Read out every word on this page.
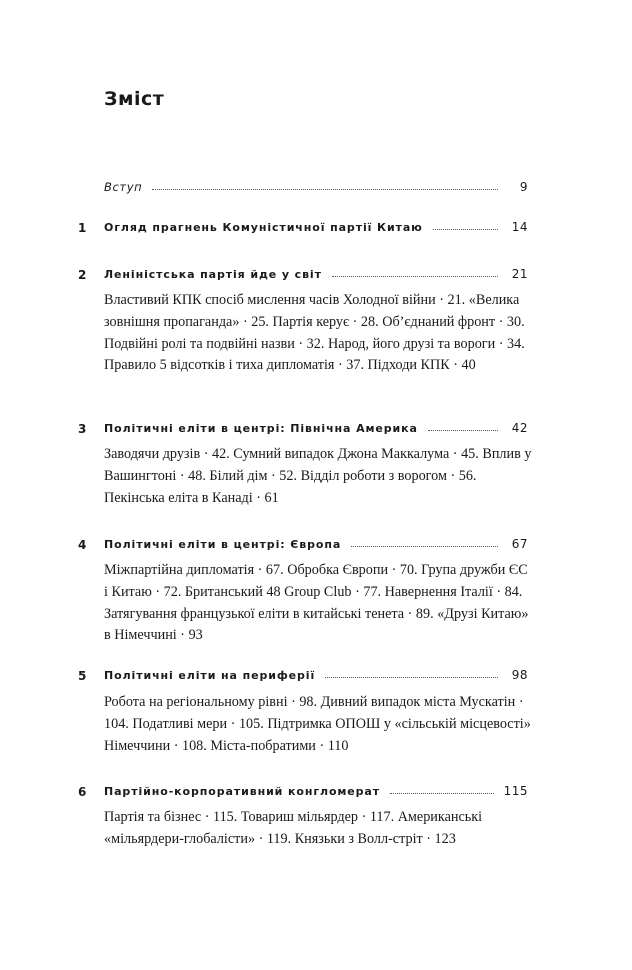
Зміст
Вступ	9
1 Огляд прагнень Комуністичної партії Китаю	14
2 Леніністська партія йде у світ	21

Властивий КПК спосіб мислення часів Холодної війни · 21. «Велика зовнішня пропаганда» · 25. Партія керує · 28. Об’єднаний фронт · 30. Подвійні ролі та подвійні назви · 32. Народ, його друзі та вороги · 34. Правило 5 відсотків і тиха дипломатія · 37. Підходи КПК · 40

3 Політичні еліти в центрі: Північна Америка	42

Заводячи друзів · 42. Сумний випадок Джона Маккалума · 45. Вплив у Вашингтоні · 48. Білий дім · 52. Відділ роботи з ворогом · 56. Пекінська еліта в Канаді · 61

4 Політичні еліти в центрі: Європа	67

Міжпартійна дипломатія · 67. Обробка Європи · 70. Група дружби ЄС і Китаю · 72. Британський 48 Group Club · 77. Навернення Італії · 84. Затягування французької еліти в китайські тенета · 89. «Друзі Китаю» в Німеччині · 93

5 Політичні еліти на периферії	98

Робота на регіональному рівні · 98. Дивний випадок міста Мускатін · 104. Податливі мери · 105. Підтримка ОПОШ у «сільській місцевості» Німеччини · 108. Міста-побратими · 110

6 Партійно-корпоративний конгломерат	115

Партія та бізнес · 115. Товариш мільярдер · 117. Американські «мільярдери-глобалісти» · 119. Князьки з Волл-стріт · 123
